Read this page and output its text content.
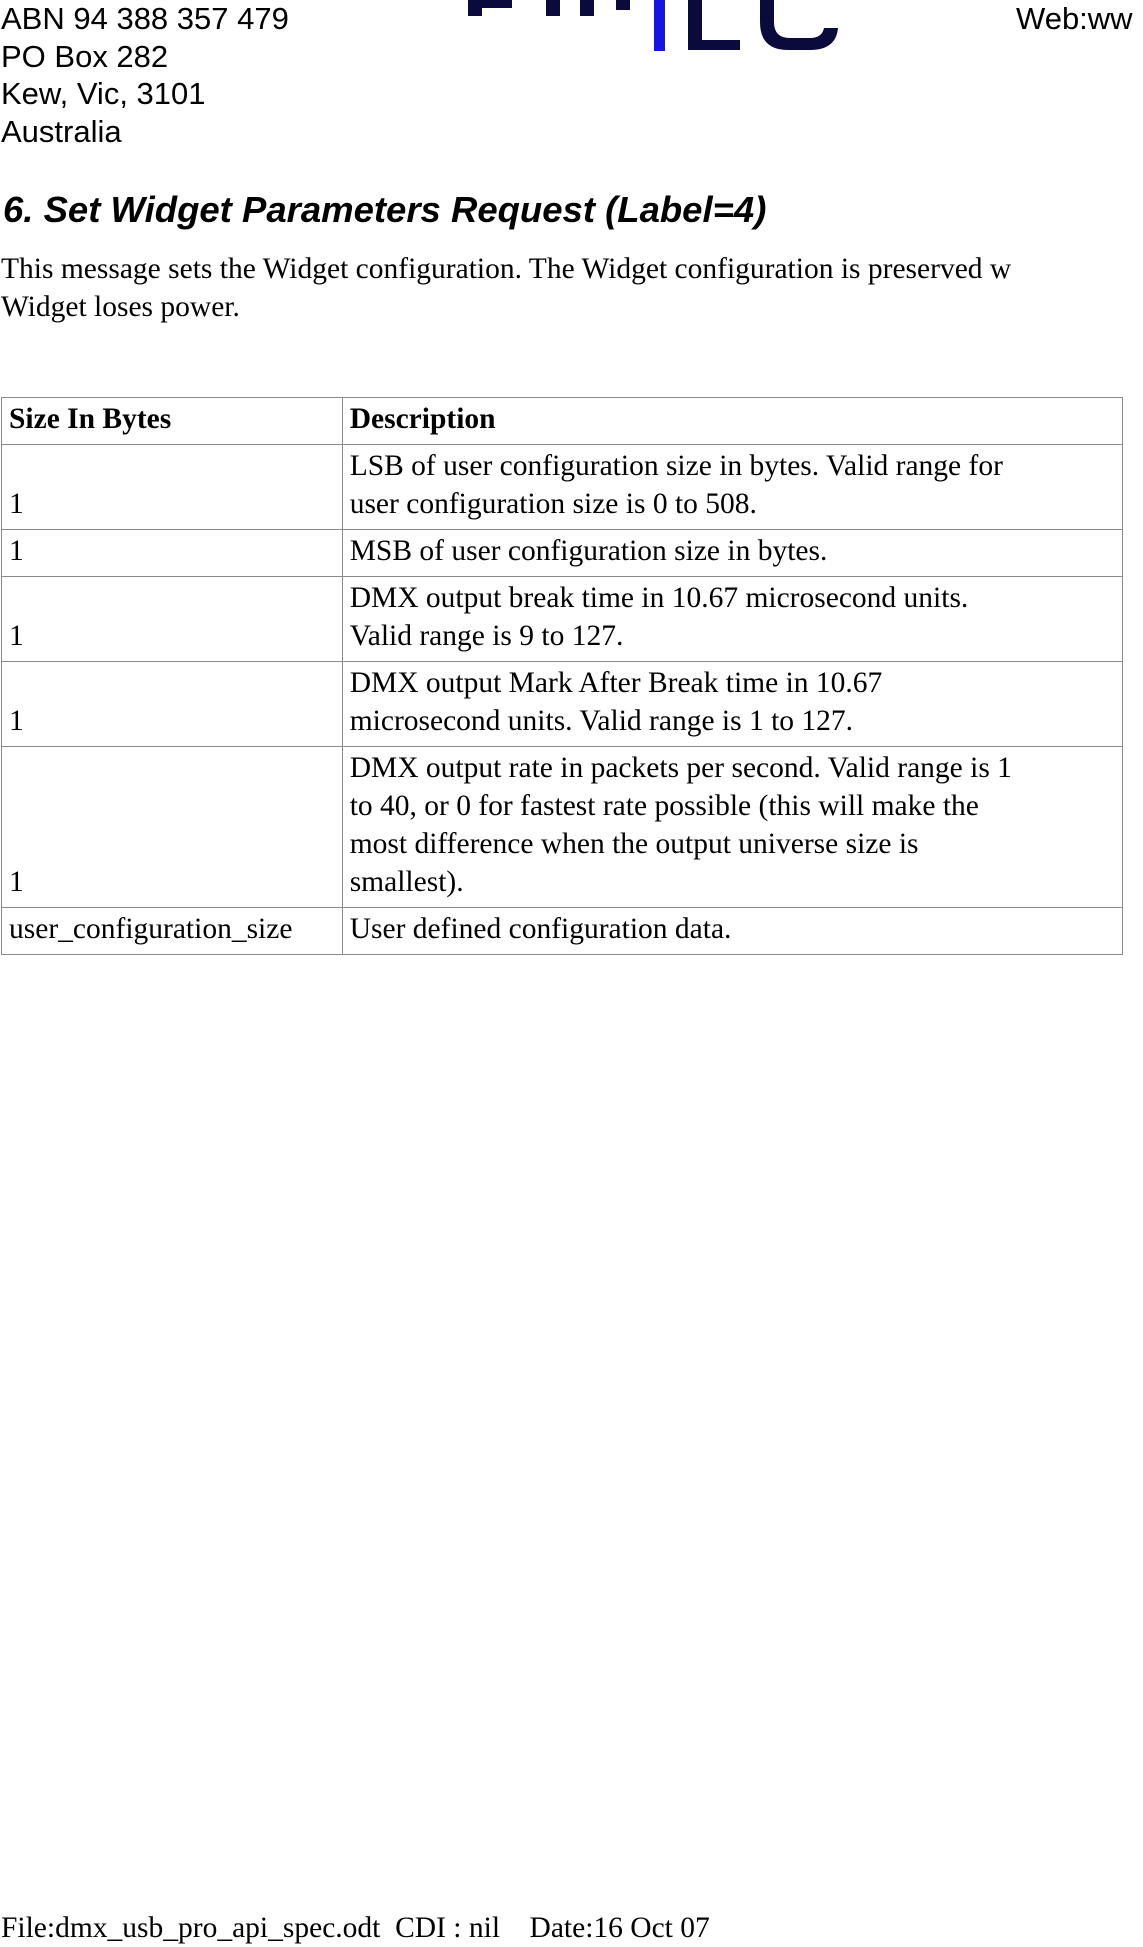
ABN 94 388 357 479
PO Box 282
Kew, Vic, 3101
Australia
Web:ww
6. Set Widget Parameters Request (Label=4)
This message sets the Widget configuration. The Widget configuration is preserved w
Widget loses power.
Size In Bytes	Description
1	LSB of user configuration size in bytes. Valid range for
user configuration size is 0 to 508.

1	MSB of user configuration size in bytes.

1	DMX output break time in 10.67 microsecond units.
Valid range is 9 to 127.

1	DMX output Mark After Break time in 10.67
microsecond units. Valid range is 1 to 127.

1	DMX output rate in packets per second. Valid range is 1
to 40, or 0 for fastest rate possible (this will make the
most difference when the output universe size is
smallest).

user_configuration_size	User defined configuration data.
File:dmx_usb_pro_api_spec.odt CDI : nil Date:16 Oct 07
